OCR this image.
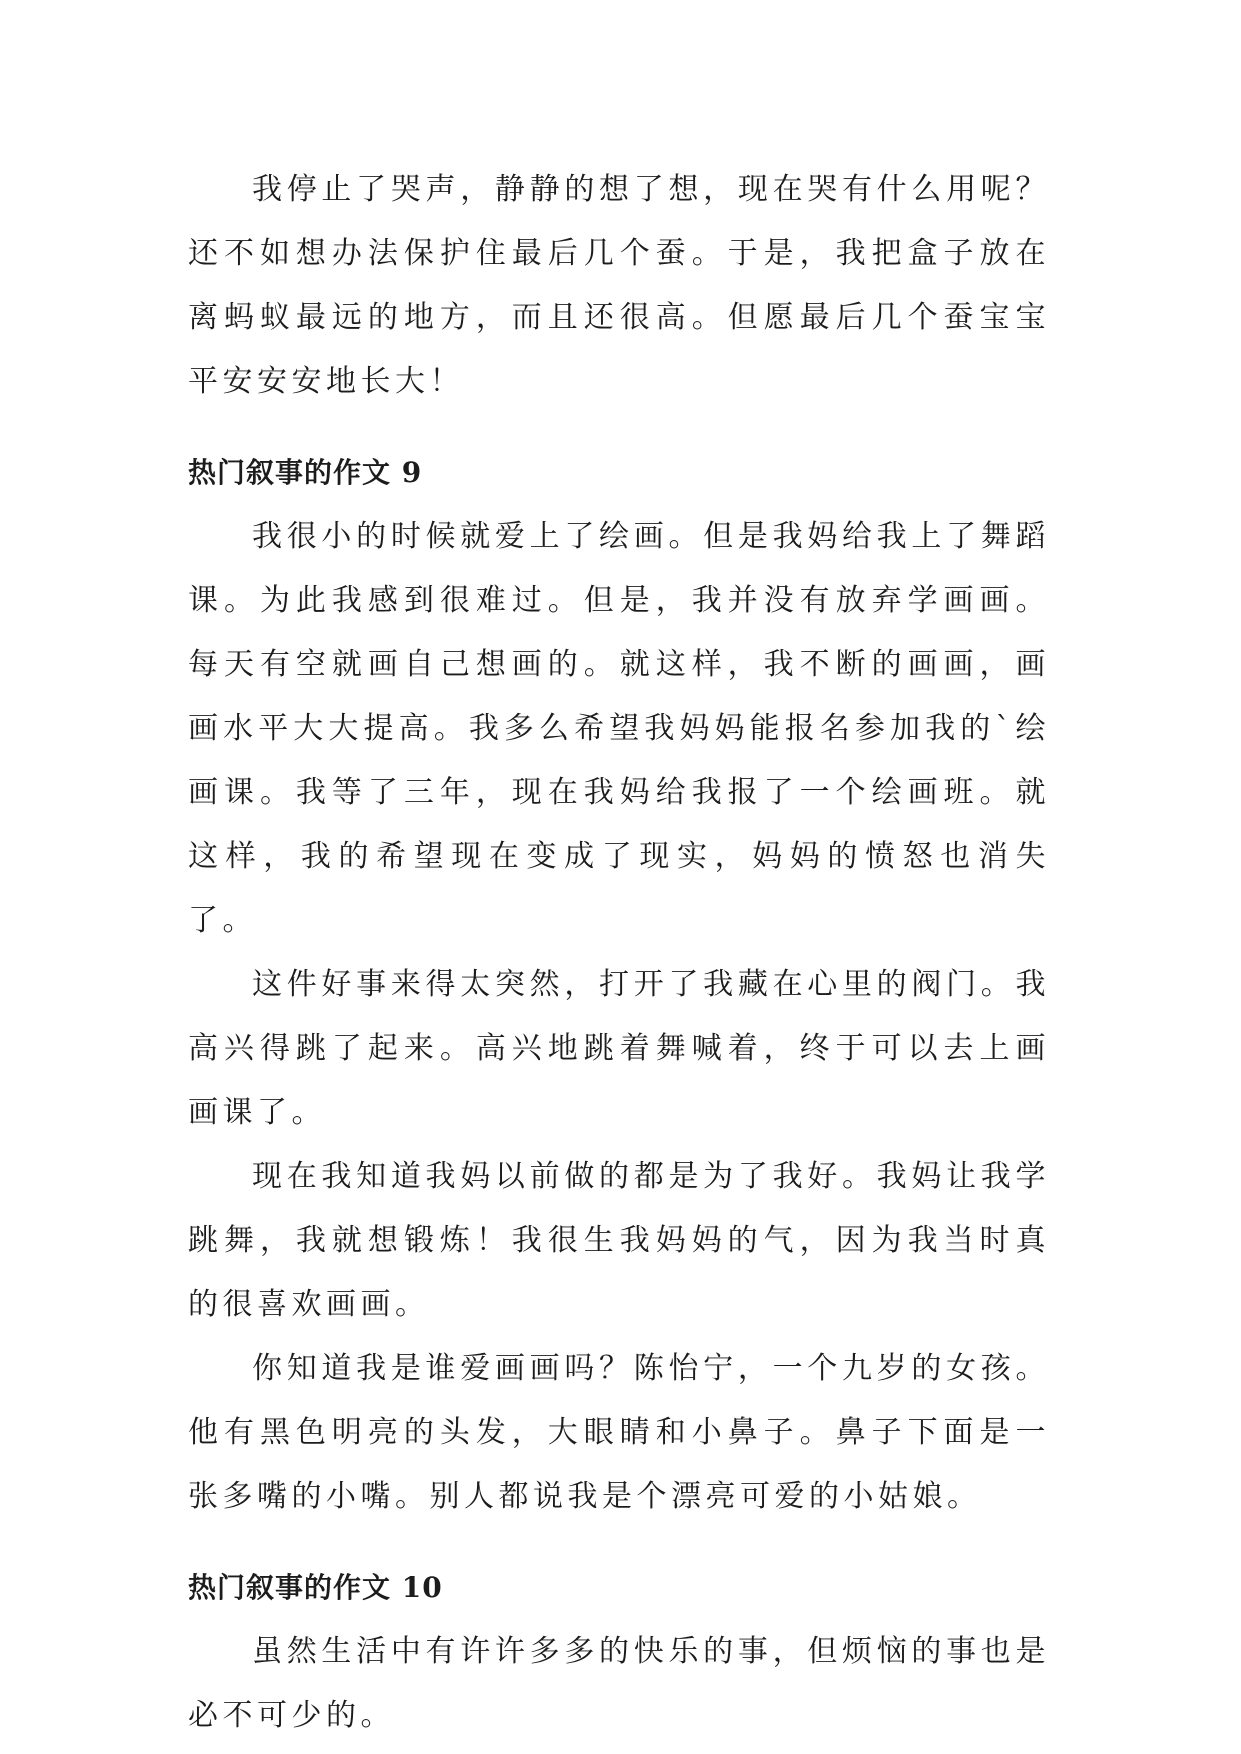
我停止了哭声，静静的想了想，现在哭有什么用呢？还不如想办法保护住最后几个蚕。于是，我把盒子放在离蚂蚁最远的地方，而且还很高。但愿最后几个蚕宝宝平安安安地长大！

热门叙事的作文 9

我很小的时候就爱上了绘画。但是我妈给我上了舞蹈课。为此我感到很难过。但是，我并没有放弃学画画。每天有空就画自己想画的。就这样，我不断的画画，画画水平大大提高。我多么希望我妈妈能报名参加我的`绘画课。我等了三年，现在我妈给我报了一个绘画班。就这样，我的希望现在变成了现实，妈妈的愤怒也消失了。

这件好事来得太突然，打开了我藏在心里的阀门。我高兴得跳了起来。高兴地跳着舞喊着，终于可以去上画画课了。

现在我知道我妈以前做的都是为了我好。我妈让我学跳舞，我就想锻炼！我很生我妈妈的气，因为我当时真的很喜欢画画。

你知道我是谁爱画画吗？陈怡宁，一个九岁的女孩。他有黑色明亮的头发，大眼睛和小鼻子。鼻子下面是一张多嘴的小嘴。别人都说我是个漂亮可爱的小姑娘。

热门叙事的作文 10

虽然生活中有许许多多的快乐的事，但烦恼的事也是必不可少的。
